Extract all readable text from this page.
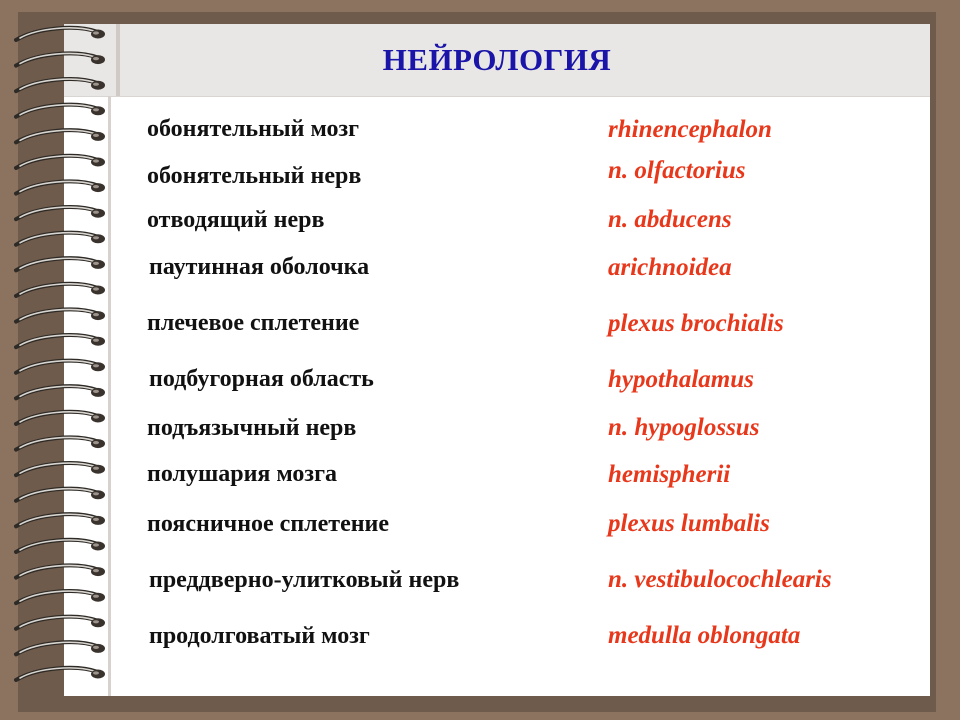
НЕЙРОЛОГИЯ

обонятельный мозг

обонятельный нерв

отводящий нерв

паутинная оболочка

плечевое сплетение

подбугорная область

подъязычный нерв

полушария мозга

поясничное сплетение

преддверно-улитковый нерв

продолговатый мозг

rhinencephalon

n. olfactorius

n. abducens

arichnoidea

plexus brochialis

hypothalamus

n. hypoglossus

hemispherii

plexus lumbalis

n. vestibulocochlearis

medulla oblongata
